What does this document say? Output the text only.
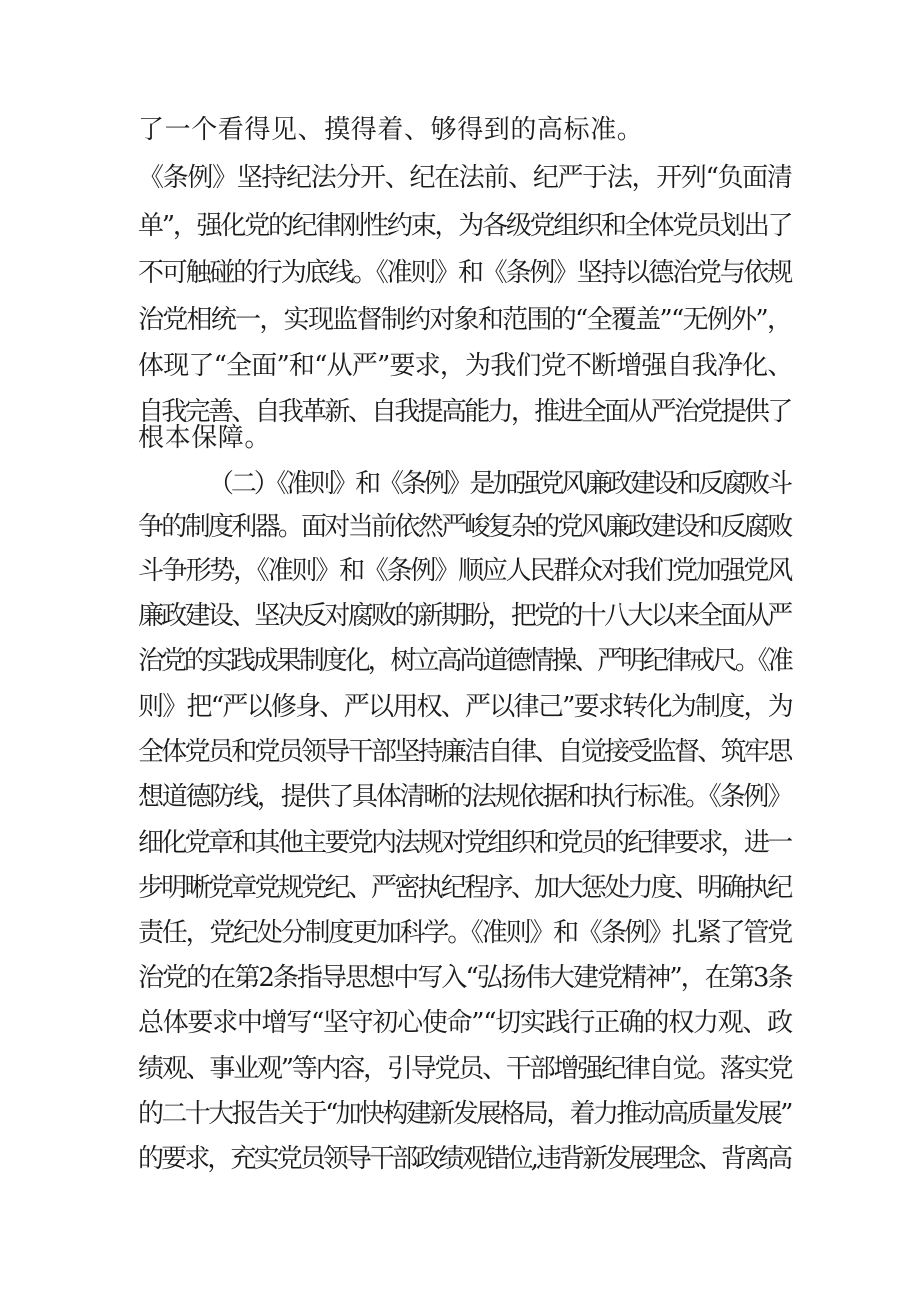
了一个看得见、摸得着、够得到的高标准。
《条例》坚持纪法分开、纪在法前、纪严于法，开列“负面清
单”，强化党的纪律刚性约束，为各级党组织和全体党员划出了
不可触碰的行为底线。《准则》和《条例》坚持以德治党与依规
治党相统一，实现监督制约对象和范围的“全覆盖”“无例外”，
体现了“全面”和“从严”要求，为我们党不断增强自我净化、
自我完善、自我革新、自我提高能力，推进全面从严治党提供了
根本保障。
（二）《准则》和《条例》是加强党风廉政建设和反腐败斗
争的制度利器。面对当前依然严峻复杂的党风廉政建设和反腐败
斗争形势，《准则》和《条例》顺应人民群众对我们党加强党风
廉政建设、坚决反对腐败的新期盼，把党的十八大以来全面从严
治党的实践成果制度化，树立高尚道德情操、严明纪律戒尺。《准
则》把“严以修身、严以用权、严以律己”要求转化为制度，为
全体党员和党员领导干部坚持廉洁自律、自觉接受监督、筑牢思
想道德防线，提供了具体清晰的法规依据和执行标准。《条例》
细化党章和其他主要党内法规对党组织和党员的纪律要求，进一
步明晰党章党规党纪、严密执纪程序、加大惩处力度、明确执纪
责任，党纪处分制度更加科学。《准则》和《条例》扎紧了管党
治党的在第2条指导思想中写入“弘扬伟大建党精神”，在第3条
总体要求中增写“坚守初心使命”“切实践行正确的权力观、政
绩观、事业观”等内容，引导党员、干部增强纪律自觉。落实党
的二十大报告关于“加快构建新发展格局，着力推动高质量发展”
的要求，充实党员领导干部政绩观错位,违背新发展理念、背离高
